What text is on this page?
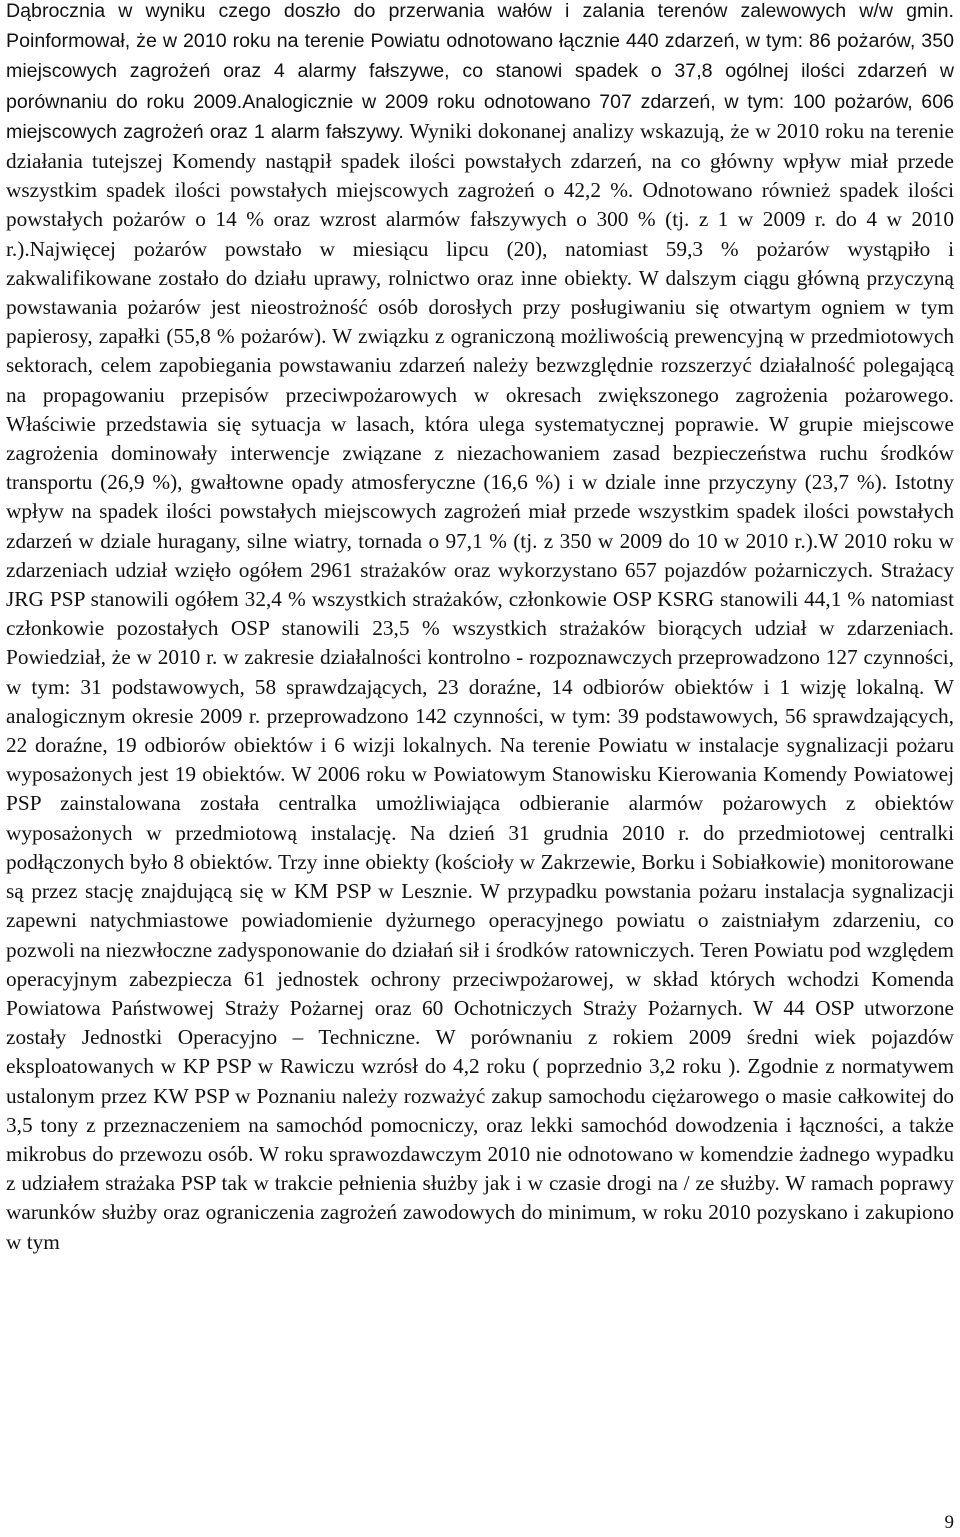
Dąbrocznia w wyniku czego doszło do przerwania wałów i zalania terenów zalewowych w/w gmin. Poinformował, że w 2010 roku na terenie Powiatu odnotowano łącznie 440 zdarzeń, w tym: 86 pożarów, 350 miejscowych zagrożeń oraz 4 alarmy fałszywe, co stanowi spadek o 37,8 ogólnej ilości zdarzeń w porównaniu do roku 2009.Analogicznie w 2009 roku odnotowano 707 zdarzeń, w tym: 100 pożarów, 606 miejscowych zagrożeń oraz 1 alarm fałszywy. Wyniki dokonanej analizy wskazują, że w 2010 roku na terenie działania tutejszej Komendy nastąpił spadek ilości powstałych zdarzeń, na co główny wpływ miał przede wszystkim spadek ilości powstałych miejscowych zagrożeń o 42,2 %. Odnotowano również spadek ilości powstałych pożarów o 14 % oraz wzrost alarmów fałszywych o 300 % (tj. z 1 w 2009 r. do 4 w 2010 r.).Najwięcej pożarów powstało w miesiącu lipcu (20), natomiast 59,3 % pożarów wystąpiło i zakwalifikowane zostało do działu uprawy, rolnictwo oraz inne obiekty. W dalszym ciągu główną przyczyną powstawania pożarów jest nieostrożność osób dorosłych przy posługiwaniu się otwartym ogniem w tym papierosy, zapałki (55,8 % pożarów). W związku z ograniczoną możliwością prewencyjną w przedmiotowych sektorach, celem zapobiegania powstawaniu zdarzeń należy bezwzględnie rozszerzyć działalność polegającą na propagowaniu przepisów przeciwpożarowych w okresach zwiększonego zagrożenia pożarowego. Właściwie przedstawia się sytuacja w lasach, która ulega systematycznej poprawie. W grupie miejscowe zagrożenia dominowały interwencje związane z niezachowaniem zasad bezpieczeństwa ruchu środków transportu (26,9 %), gwałtowne opady atmosferyczne (16,6 %) i w dziale inne przyczyny (23,7 %). Istotny wpływ na spadek ilości powstałych miejscowych zagrożeń miał przede wszystkim spadek ilości powstałych zdarzeń w dziale huragany, silne wiatry, tornada o 97,1 % (tj. z 350 w 2009 do 10 w 2010 r.).W 2010 roku w zdarzeniach udział wzięło ogółem 2961 strażaków oraz wykorzystano 657 pojazdów pożarniczych. Strażacy JRG PSP stanowili ogółem 32,4 % wszystkich strażaków, członkowie OSP KSRG stanowili 44,1 % natomiast członkowie pozostałych OSP stanowili 23,5 % wszystkich strażaków biorących udział w zdarzeniach. Powiedział, że w 2010 r. w zakresie działalności kontrolno - rozpoznawczych przeprowadzono 127 czynności, w tym: 31 podstawowych, 58 sprawdzających, 23 doraźne, 14 odbiorów obiektów i 1 wizję lokalną. W analogicznym okresie 2009 r. przeprowadzono 142 czynności, w tym: 39 podstawowych, 56 sprawdzających, 22 doraźne, 19 odbiorów obiektów i 6 wizji lokalnych. Na terenie Powiatu w instalacje sygnalizacji pożaru wyposażonych jest 19 obiektów. W 2006 roku w Powiatowym Stanowisku Kierowania Komendy Powiatowej PSP zainstalowana została centralka umożliwiająca odbieranie alarmów pożarowych z obiektów wyposażonych w przedmiotową instalację. Na dzień 31 grudnia 2010 r. do przedmiotowej centralki podłączonych było 8 obiektów. Trzy inne obiekty (kościoły w Zakrzewie, Borku i Sobiałkowie) monitorowane są przez stację znajdującą się w KM PSP w Lesznie. W przypadku powstania pożaru instalacja sygnalizacji zapewni natychmiastowe powiadomienie dyżurnego operacyjnego powiatu o zaistniałym zdarzeniu, co pozwoli na niezwłoczne zadysponowanie do działań sił i środków ratowniczych. Teren Powiatu pod względem operacyjnym zabezpiecza 61 jednostek ochrony przeciwpożarowej, w skład których wchodzi Komenda Powiatowa Państwowej Straży Pożarnej oraz 60 Ochotniczych Straży Pożarnych. W 44 OSP utworzone zostały Jednostki Operacyjno – Techniczne. W porównaniu z rokiem 2009 średni wiek pojazdów eksploatowanych w KP PSP w Rawiczu wzrósł do 4,2 roku ( poprzednio 3,2 roku ). Zgodnie z normatywem ustalonym przez KW PSP w Poznaniu należy rozważyć zakup samochodu ciężarowego o masie całkowitej do 3,5 tony z przeznaczeniem na samochód pomocniczy, oraz lekki samochód dowodzenia i łączności, a także mikrobus do przewozu osób. W roku sprawozdawczym 2010 nie odnotowano w komendzie żadnego wypadku z udziałem strażaka PSP tak w trakcie pełnienia służby jak i w czasie drogi na / ze służby. W ramach poprawy warunków służby oraz ograniczenia zagrożeń zawodowych do minimum, w roku 2010 pozyskano i zakupiono w tym

9
